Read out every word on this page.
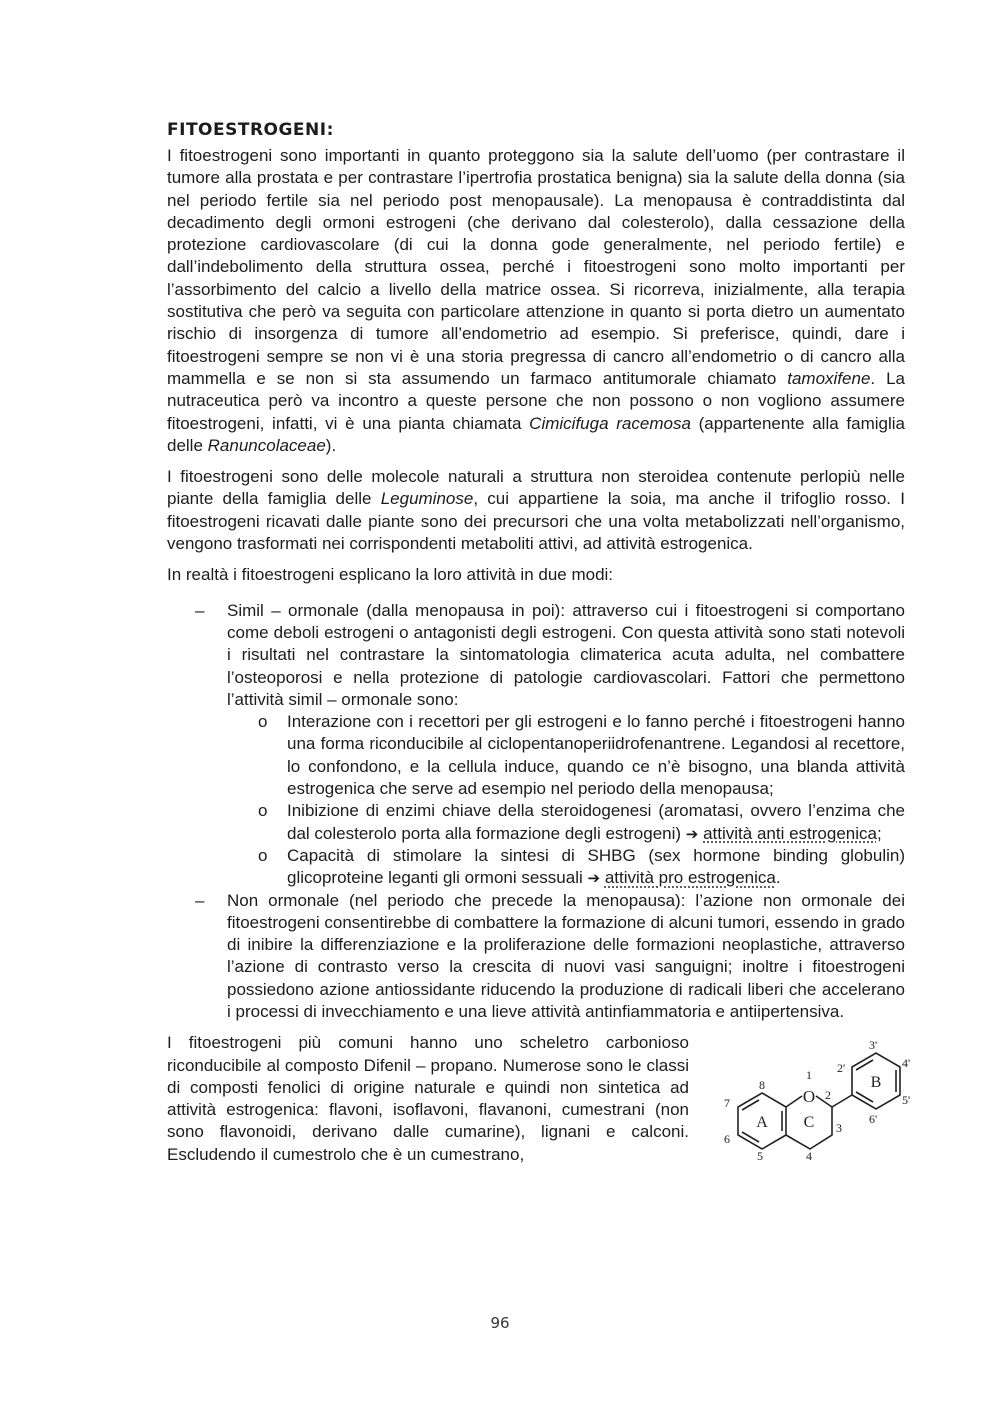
FITOESTROGENI:

I fitoestrogeni sono importanti in quanto proteggono sia la salute dell’uomo (per contrastare il tumore alla prostata e per contrastare l’ipertrofia prostatica benigna) sia la salute della donna (sia nel periodo fertile sia nel periodo post menopausale). La menopausa è contraddistinta dal decadimento degli ormoni estrogeni (che derivano dal colesterolo), dalla cessazione della protezione cardiovascolare (di cui la donna gode generalmente, nel periodo fertile) e dall’indebolimento della struttura ossea, perché i fitoestrogeni sono molto importanti per l’assorbimento del calcio a livello della matrice ossea. Si ricorreva, inizialmente, alla terapia sostitutiva che però va seguita con particolare attenzione in quanto si porta dietro un aumentato rischio di insorgenza di tumore all’endometrio ad esempio. Si preferisce, quindi, dare i fitoestrogeni sempre se non vi è una storia pregressa di cancro all’endometrio o di cancro alla mammella e se non si sta assumendo un farmaco antitumorale chiamato tamoxifene. La nutraceutica però va incontro a queste persone che non possono o non vogliono assumere fitoestrogeni, infatti, vi è una pianta chiamata Cimicifuga racemosa (appartenente alla famiglia delle Ranuncolaceae).

I fitoestrogeni sono delle molecole naturali a struttura non steroidea contenute perlopiù nelle piante della famiglia delle Leguminose, cui appartiene la soia, ma anche il trifoglio rosso. I fitoestrogeni ricavati dalle piante sono dei precursori che una volta metabolizzati nell’organismo, vengono trasformati nei corrispondenti metaboliti attivi, ad attività estrogenica.

In realtà i fitoestrogeni esplicano la loro attività in due modi:

– Simil – ormonale (dalla menopausa in poi): attraverso cui i fitoestrogeni si comportano come deboli estrogeni o antagonisti degli estrogeni. Con questa attività sono stati notevoli i risultati nel contrastare la sintomatologia climaterica acuta adulta, nel combattere l’osteoporosi e nella protezione di patologie cardiovascolari. Fattori che permettono l’attività simil – ormonale sono:
o Interazione con i recettori per gli estrogeni e lo fanno perché i fitoestrogeni hanno una forma riconducibile al ciclopentanoperiidrofenantrene. Legandosi al recettore, lo confondono, e la cellula induce, quando ce n’è bisogno, una blanda attività estrogenica che serve ad esempio nel periodo della menopausa;
o Inibizione di enzimi chiave della steroidogenesi (aromatasi, ovvero l’enzima che dal colesterolo porta alla formazione degli estrogeni) ➔ attività anti estrogenica;
o Capacità di stimolare la sintesi di SHBG (sex hormone binding globulin) glicoproteine leganti gli ormoni sessuali ➔ attività pro estrogenica.
– Non ormonale (nel periodo che precede la menopausa): l’azione non ormonale dei fitoestrogeni consentirebbe di combattere la formazione di alcuni tumori, essendo in grado di inibire la differenziazione e la proliferazione delle formazioni neoplastiche, attraverso l’azione di contrasto verso la crescita di nuovi vasi sanguigni; inoltre i fitoestrogeni possiedono azione antiossidante riducendo la produzione di radicali liberi che accelerano i processi di invecchiamento e una lieve attività antinfiammatoria e antiipertensiva.

I fitoestrogeni più comuni hanno uno scheletro carbonioso riconducibile al composto Difenil – propano. Numerose sono le classi di composti fenolici di origine naturale e quindi non sintetica ad attività estrogenica: flavoni, isoflavoni, flavanoni, cumestrani (non sono flavonoidi, derivano dalle cumarine), lignani e calconi. Escludendo il cumestrolo che è un cumestrano,

O
A C
B
1
2
3
4
5
6
7
8
2'
3'
4'
5'
6'
96
